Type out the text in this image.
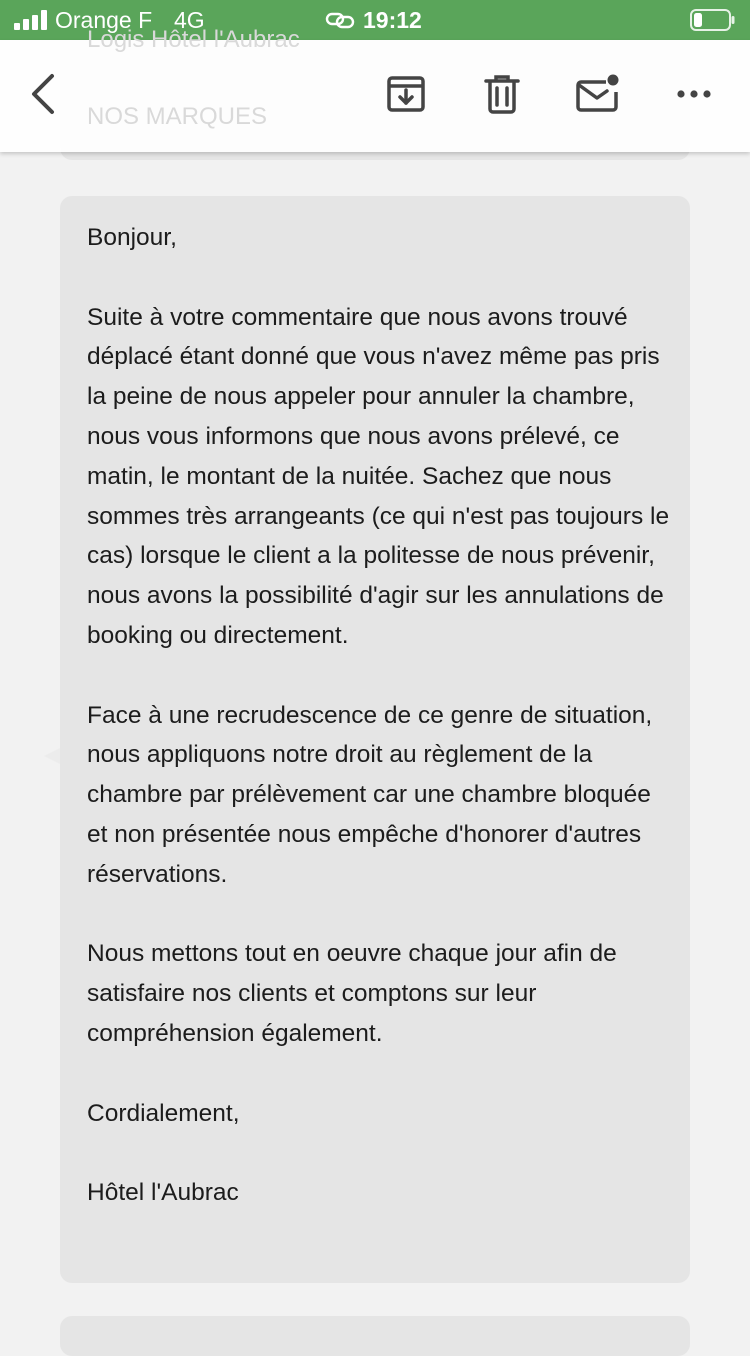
Orange F 4G	19:12
Logis Hôtel l'Aubrac
NOS MARQUES

Bonjour,

Suite à votre commentaire que nous avons trouvé déplacé étant donné que vous n'avez même pas pris la peine de nous appeler pour annuler la chambre, nous vous informons que nous avons prélevé, ce matin, le montant de la nuitée. Sachez que nous sommes très arrangeants (ce qui n'est pas toujours le cas) lorsque le client a la politesse de nous prévenir, nous avons la possibilité d'agir sur les annulations de booking ou directement.

Face à une recrudescence de ce genre de situation, nous appliquons notre droit au règlement de la chambre par prélèvement car une chambre bloquée et non présentée nous empêche d'honorer d'autres réservations.

Nous mettons tout en oeuvre chaque jour afin de satisfaire nos clients et comptons sur leur compréhension également.

Cordialement,

Hôtel l'Aubrac
